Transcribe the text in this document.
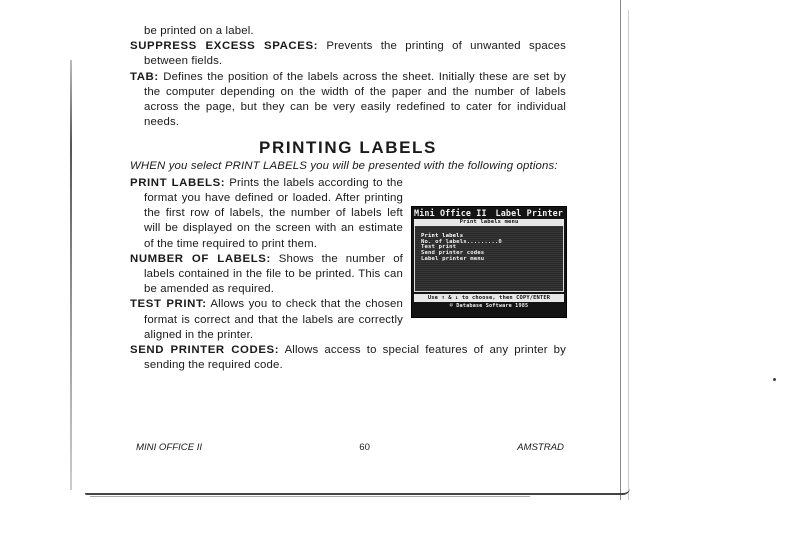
be printed on a label.

SUPPRESS EXCESS SPACES: Prevents the printing of unwanted spaces between fields.

TAB: Defines the position of the labels across the sheet. Initially these are set by the computer depending on the width of the paper and the number of labels across the page, but they can be very easily redefined to cater for individual needs.

PRINTING LABELS

WHEN you select PRINT LABELS you will be presented with the following options:

Mini Office II Label Printer
Print labels menu
Print labels
No. of labels.........0
Test print
Send printer codes
Label printer menu
Use ↑ & ↓ to choose, then COPY/ENTER
© Database Software 1985

PRINT LABELS: Prints the labels according to the format you have defined or loaded. After printing the first row of labels, the number of labels left will be displayed on the screen with an estimate of the time required to print them.

NUMBER OF LABELS: Shows the number of labels contained in the file to be printed. This can be amended as required.

TEST PRINT: Allows you to check that the chosen format is correct and that the labels are correctly aligned in the printer.

SEND PRINTER CODES: Allows access to special features of any printer by sending the required code.

MINI OFFICE II	60	AMSTRAD
